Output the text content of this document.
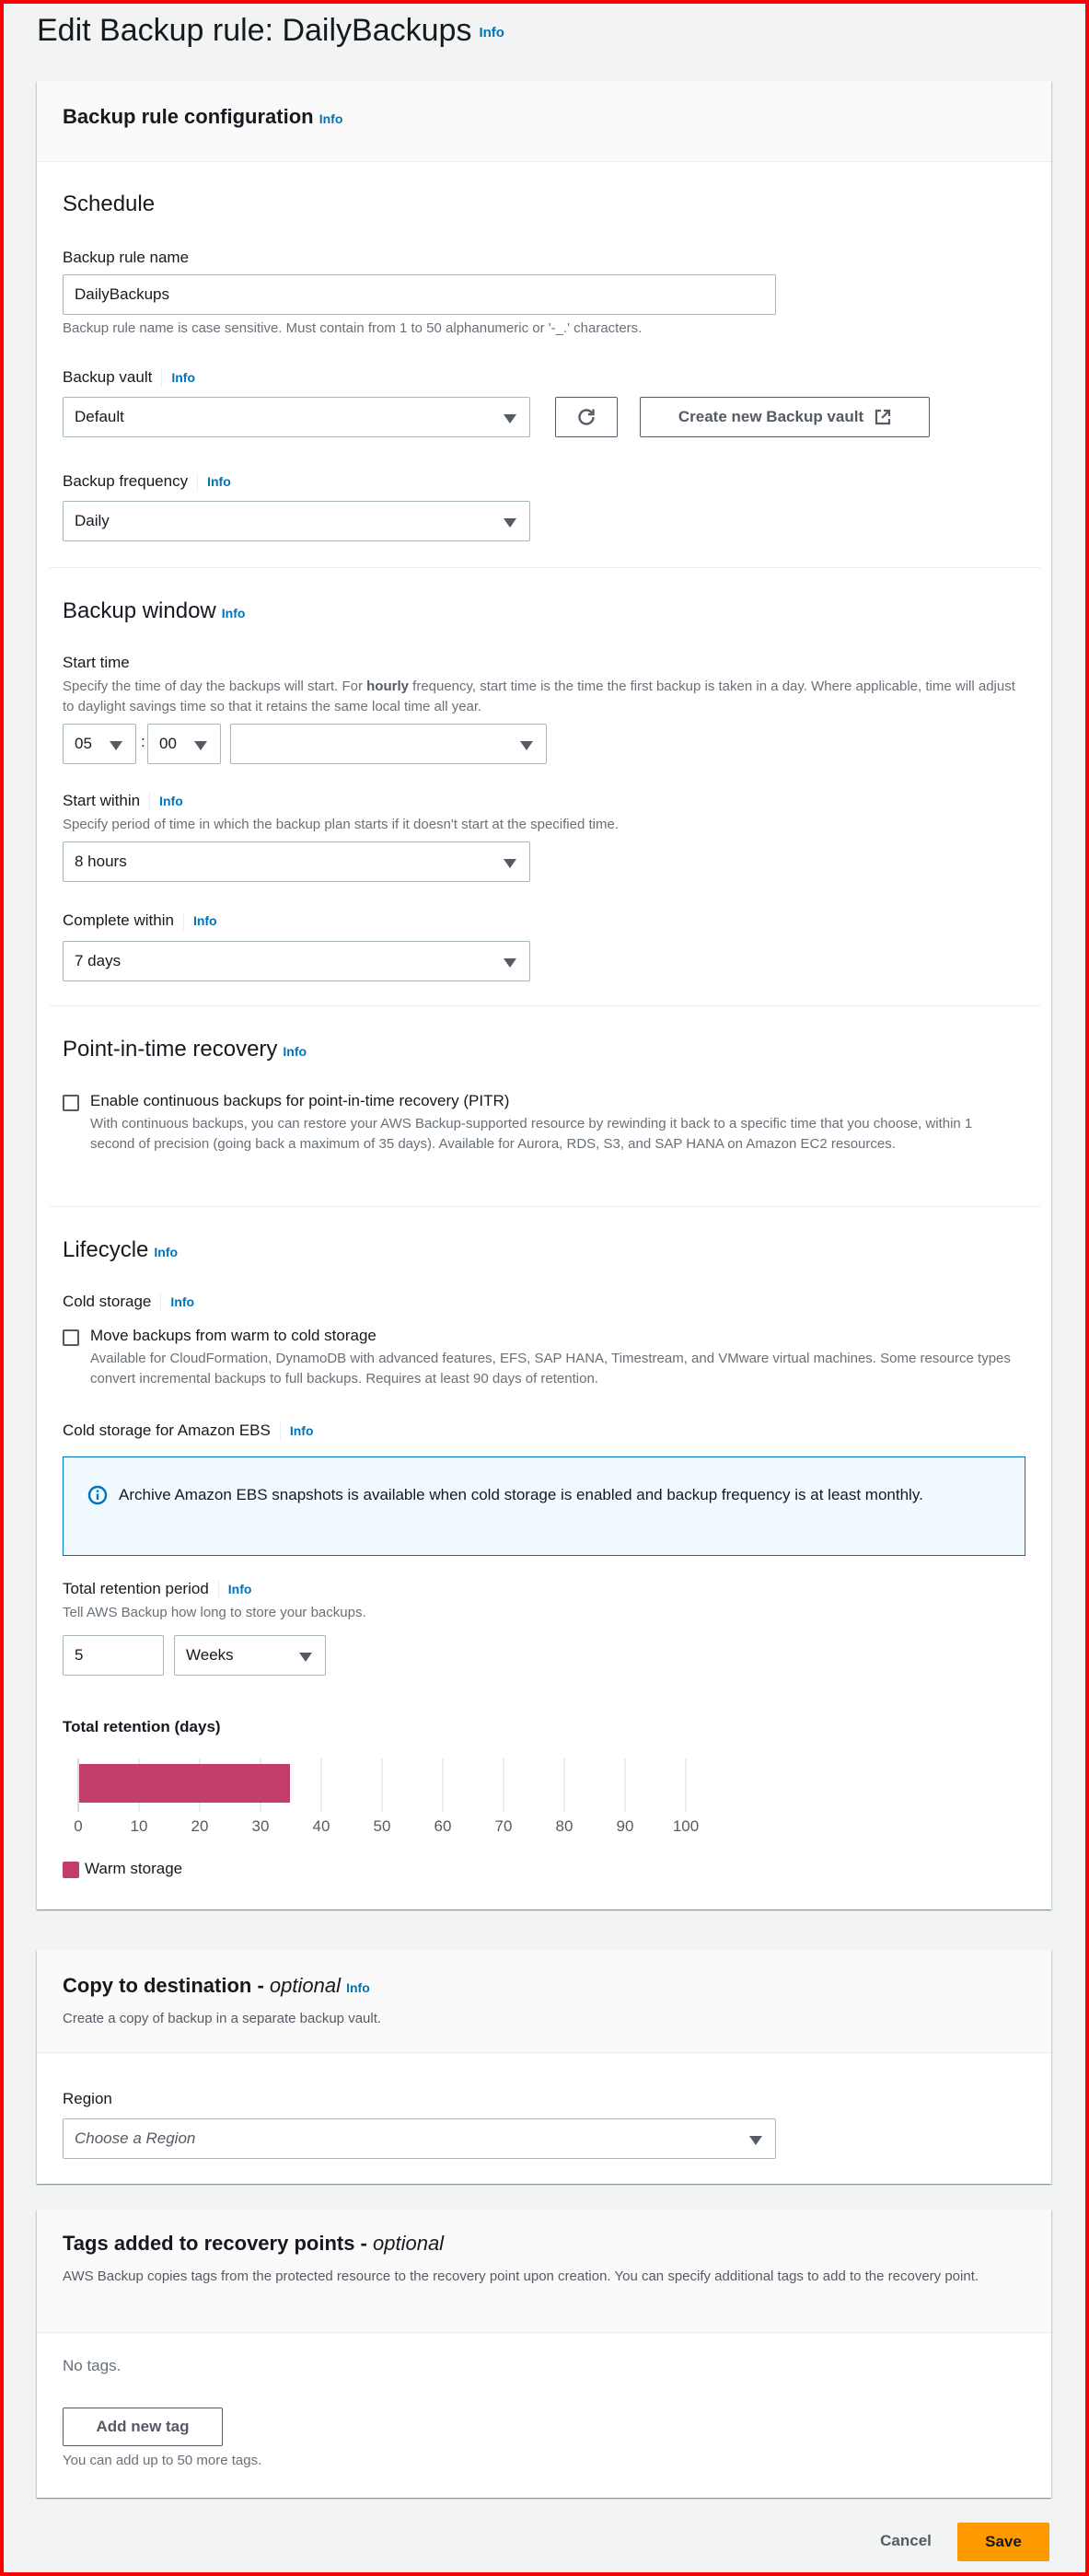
Edit Backup rule: DailyBackups Info
Backup rule configuration Info
Schedule
Backup rule name
DailyBackups
Backup rule name is case sensitive. Must contain from 1 to 50 alphanumeric or '-_.' characters.
Backup vault Info
Default	Create new Backup vault
Backup frequency Info
Daily
Backup window Info
Start time
Specify the time of day the backups will start. For hourly frequency, start time is the time the first backup is taken in a day. Where applicable, time will adjust to daylight savings time so that it retains the same local time all year.
05	: 00
Start within Info
Specify period of time in which the backup plan starts if it doesn't start at the specified time.
8 hours
Complete within Info
7 days
Point-in-time recovery Info
Enable continuous backups for point-in-time recovery (PITR)
With continuous backups, you can restore your AWS Backup-supported resource by rewinding it back to a specific time that you choose, within 1 second of precision (going back a maximum of 35 days). Available for Aurora, RDS, S3, and SAP HANA on Amazon EC2 resources.
Lifecycle Info
Cold storage Info
Move backups from warm to cold storage
Available for CloudFormation, DynamoDB with advanced features, EFS, SAP HANA, Timestream, and VMware virtual machines. Some resource types convert incremental backups to full backups. Requires at least 90 days of retention.
Cold storage for Amazon EBS Info
Archive Amazon EBS snapshots is available when cold storage is enabled and backup frequency is at least monthly.
Total retention period Info
Tell AWS Backup how long to store your backups.
5	Weeks
Total retention (days)
0	10	20	30	40	50	60	70	80	90 100
Warm storage
Copy to destination - optional Info
Create a copy of backup in a separate backup vault.
Region
Choose a Region
Tags added to recovery points - optional
AWS Backup copies tags from the protected resource to the recovery point upon creation. You can specify additional tags to add to the recovery point.
No tags.
Add new tag
You can add up to 50 more tags.
Cancel	Save
